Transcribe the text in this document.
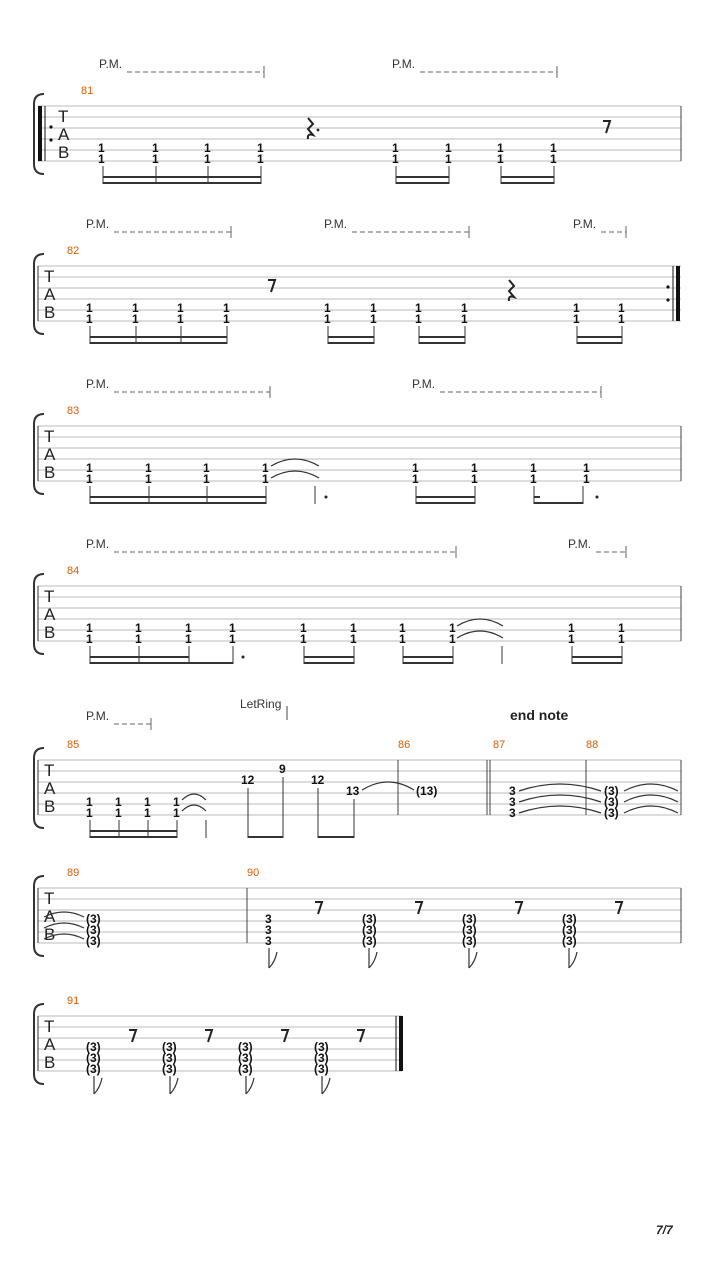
P.M.	P.M.
81
T
A
B 1
1
1
1
1
1
1
1
1
1
1
1
1
1
1
1
P.M.	P.M.	P.M.
82
T
A
B	1
1
1
1
1
1
1
1
1
1
1
1
1
1
1
1
1
1
1
1
P.M.	P.M.
83
T
A
B	1
1
1
1
1
1
1
1
1
1
1
1
1
1
1
1
P.M.	P.M.
84
T
A
B	1
1
1
1
1
1
1
1
1
1
1
1
1
1
1
1
1
1
1
1
P.M.
LetRing
end note
85	86	87	88
T
A
B	1
1
1
1
1
1
1
1
12
9
12
13	(13)	3
3
3
(3)
(3)
(3)
89	90
T
A
B
(3)
(3)
(3)
3
3
3
(3)
(3)
(3)
(3)
(3)
(3)
(3)
(3)
(3)
91
T
A
B
(3)
(3)
(3)
(3)
(3)
(3)
(3)
(3)
(3)
(3)
(3)
(3)
7/7
